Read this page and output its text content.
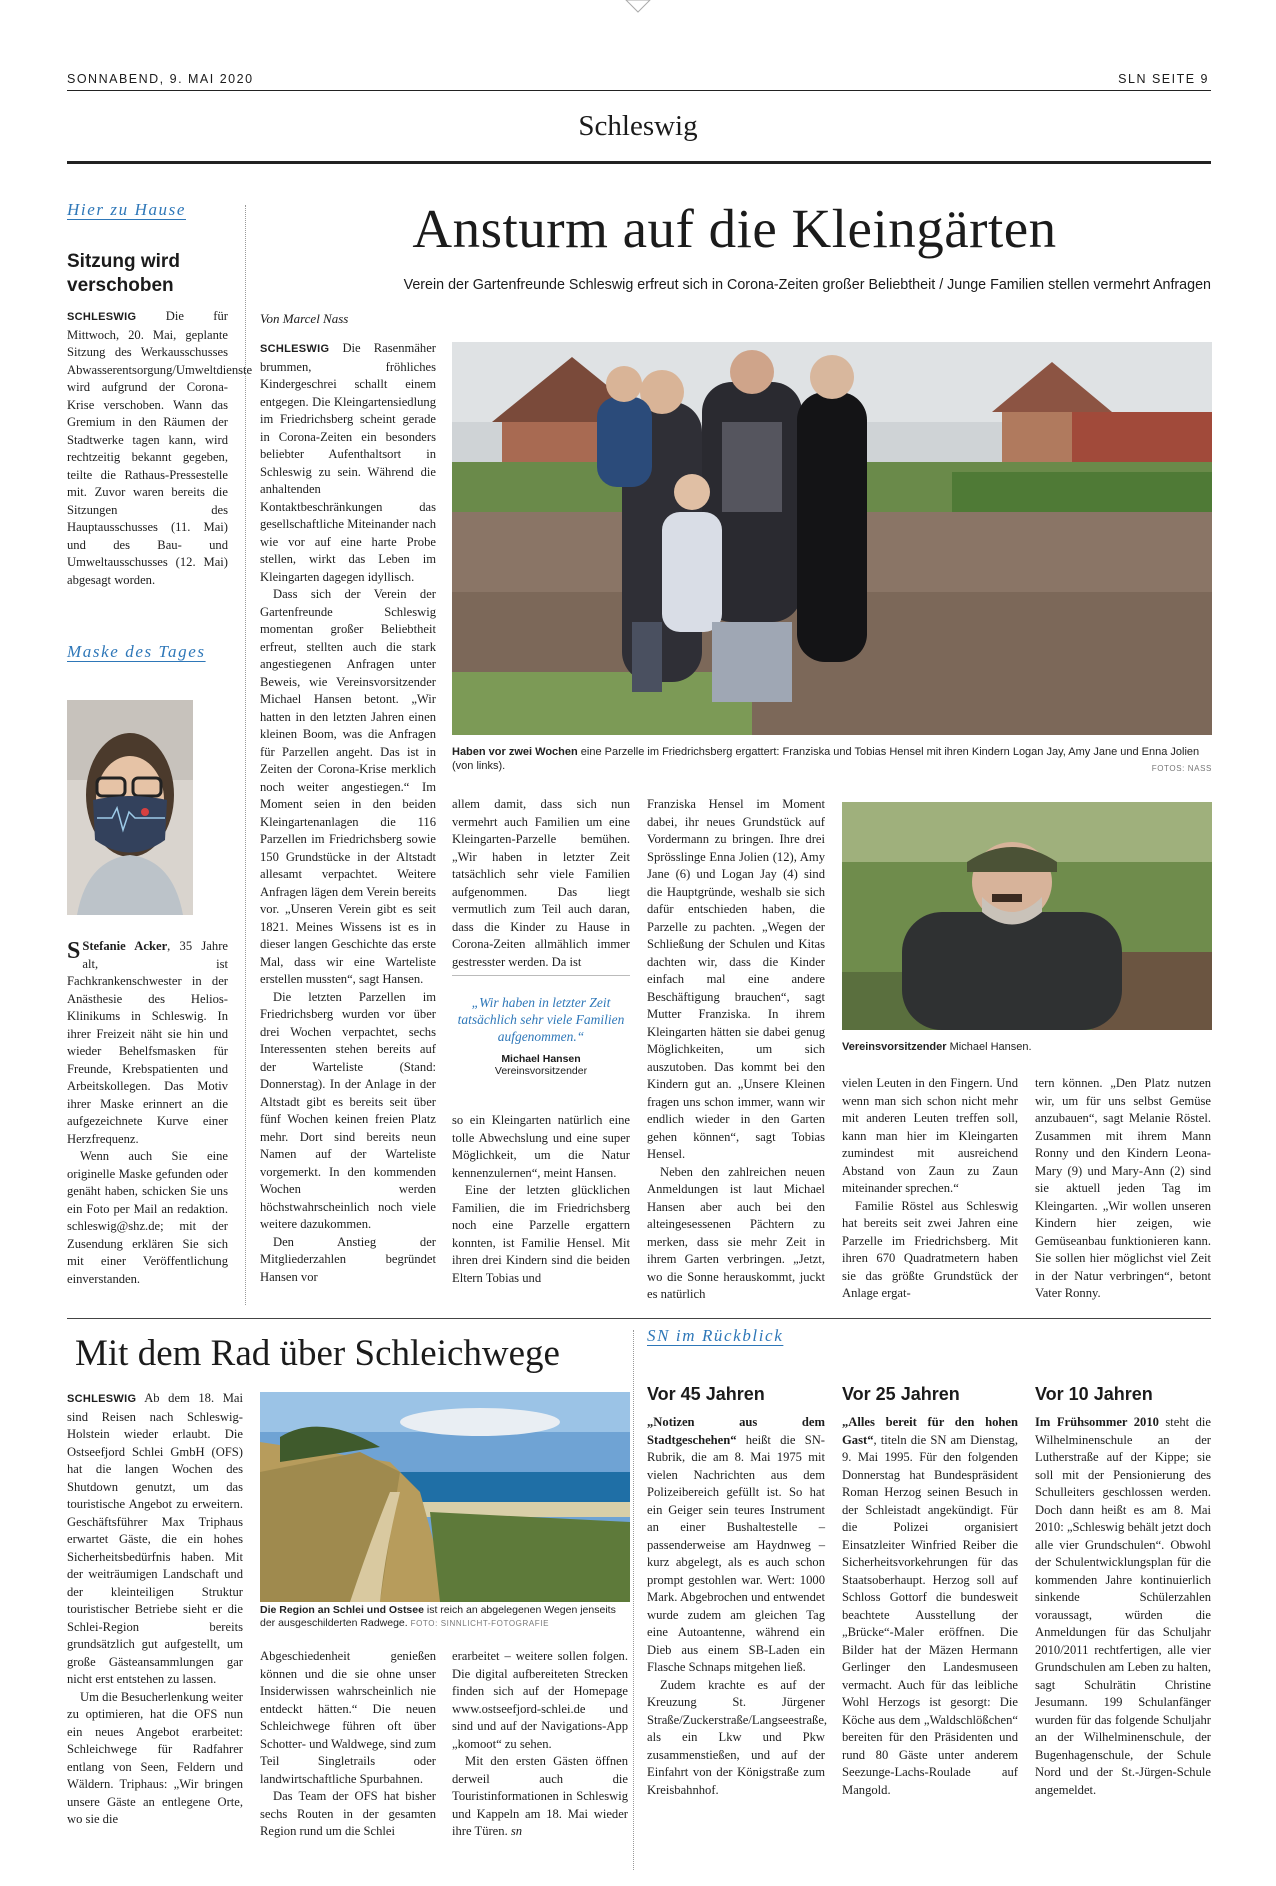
SONNABEND, 9. MAI 2020	SLN SEITE 9
Schleswig
Hier zu Hause
Sitzung wird verschoben

SCHLESWIG Die für Mittwoch, 20. Mai, geplante Sitzung des Werkausschusses Abwasserentsorgung/Umweltdienste wird aufgrund der Corona-Krise verschoben. Wann das Gremium in den Räumen der Stadtwerke tagen kann, wird rechtzeitig bekannt gegeben, teilte die Rathaus-Pressestelle mit. Zuvor waren bereits die Sitzungen des Hauptausschusses (11. Mai) und des Bau- und Umweltausschusses (12. Mai) abgesagt worden.

Maske des Tages

S Stefanie Acker, 35 Jahre alt, ist Fachkrankenschwester in der Anästhesie des Helios-Klinikums in Schleswig. In ihrer Freizeit näht sie hin und wieder Behelfsmasken für Freunde, Krebspatienten und Arbeitskollegen. Das Motiv ihrer Maske erinnert an die aufgezeichnete Kurve einer Herzfrequenz.

Wenn auch Sie eine originelle Maske gefunden oder genäht haben, schicken Sie uns ein Foto per Mail an redaktion. schleswig@shz.de; mit der Zusendung erklären Sie sich mit einer Veröffentlichung einverstanden.

Ansturm auf die Kleingärten
Verein der Gartenfreunde Schleswig erfreut sich in Corona-Zeiten großer Beliebtheit / Junge Familien stellen vermehrt Anfragen
Von Marcel Nass

SCHLESWIG Die Rasenmäher brummen, fröhliches Kindergeschrei schallt einem entgegen. Die Kleingartensiedlung im Friedrichsberg scheint gerade in Corona-Zeiten ein besonders beliebter Aufenthaltsort in Schleswig zu sein. Während die anhaltenden Kontaktbeschränkungen das gesellschaftliche Miteinander nach wie vor auf eine harte Probe stellen, wirkt das Leben im Kleingarten dagegen idyllisch.

Dass sich der Verein der Gartenfreunde Schleswig momentan großer Beliebtheit erfreut, stellten auch die stark angestiegenen Anfragen unter Beweis, wie Vereinsvorsitzender Michael Hansen betont. „Wir hatten in den letzten Jahren einen kleinen Boom, was die Anfragen für Parzellen angeht. Das ist in Zeiten der Corona-Krise merklich noch weiter angestiegen.“ Im Moment seien in den beiden Kleingartenanlagen die 116 Parzellen im Friedrichsberg sowie 150 Grundstücke in der Altstadt allesamt verpachtet. Weitere Anfragen lägen dem Verein bereits vor. „Unseren Verein gibt es seit 1821. Meines Wissens ist es in dieser langen Geschichte das erste Mal, dass wir eine Warteliste erstellen mussten“, sagt Hansen.

Die letzten Parzellen im Friedrichsberg wurden vor über drei Wochen verpachtet, sechs Interessenten stehen bereits auf der Warteliste (Stand: Donnerstag). In der Anlage in der Altstadt gibt es bereits seit über fünf Wochen keinen freien Platz mehr. Dort sind bereits neun Namen auf der Warteliste vorgemerkt. In den kommenden Wochen werden höchstwahrscheinlich noch viele weitere dazukommen.

Den Anstieg der Mitgliederzahlen begründet Hansen vor

Haben vor zwei Wochen eine Parzelle im Friedrichsberg ergattert: Franziska und Tobias Hensel mit ihren Kindern Logan Jay, Amy Jane und Enna Jolien (von links).	FOTOS: NASS

allem damit, dass sich nun vermehrt auch Familien um eine Kleingarten-Parzelle bemühen. „Wir haben in letzter Zeit tatsächlich sehr viele Familien aufgenommen. Das liegt vermutlich zum Teil auch daran, dass die Kinder zu Hause in Corona-Zeiten allmählich immer gestresster werden. Da ist

„Wir haben in letzter Zeit tatsächlich sehr viele Familien aufgenommen.“
Michael Hansen
Vereinsvorsitzender

so ein Kleingarten natürlich eine tolle Abwechslung und eine super Möglichkeit, um die Natur kennenzulernen“, meint Hansen.

Eine der letzten glücklichen Familien, die im Friedrichsberg noch eine Parzelle ergattern konnten, ist Familie Hensel. Mit ihren drei Kindern sind die beiden Eltern Tobias und

Franziska Hensel im Moment dabei, ihr neues Grundstück auf Vordermann zu bringen. Ihre drei Sprösslinge Enna Jolien (12), Amy Jane (6) und Logan Jay (4) sind die Hauptgründe, weshalb sie sich dafür entschieden haben, die Parzelle zu pachten. „Wegen der Schließung der Schulen und Kitas dachten wir, dass die Kinder einfach mal eine andere Beschäftigung brauchen“, sagt Mutter Franziska. In ihrem Kleingarten hätten sie dabei genug Möglichkeiten, um sich auszutoben. Das kommt bei den Kindern gut an. „Unsere Kleinen fragen uns schon immer, wann wir endlich wieder in den Garten gehen können“, sagt Tobias Hensel.

Neben den zahlreichen neuen Anmeldungen ist laut Michael Hansen aber auch bei den alteingesessenen Pächtern zu merken, dass sie mehr Zeit in ihrem Garten verbringen. „Jetzt, wo die Sonne herauskommt, juckt es natürlich

Vereinsvorsitzender Michael Hansen.

vielen Leuten in den Fingern. Und wenn man sich schon nicht mehr mit anderen Leuten treffen soll, kann man hier im Kleingarten zumindest mit ausreichend Abstand von Zaun zu Zaun miteinander sprechen.“

Familie Röstel aus Schleswig hat bereits seit zwei Jahren eine Parzelle im Friedrichsberg. Mit ihren 670 Quadratmetern haben sie das größte Grundstück der Anlage ergat-

tern können. „Den Platz nutzen wir, um für uns selbst Gemüse anzubauen“, sagt Melanie Röstel. Zusammen mit ihrem Mann Ronny und den Kindern Leona-Mary (9) und Mary-Ann (2) sind sie aktuell jeden Tag im Kleingarten. „Wir wollen unseren Kindern hier zeigen, wie Gemüseanbau funktionieren kann. Sie sollen hier möglichst viel Zeit in der Natur verbringen“, betont Vater Ronny.

Mit dem Rad über Schleichwege

SCHLESWIG Ab dem 18. Mai sind Reisen nach Schleswig-Holstein wieder erlaubt. Die Ostseefjord Schlei GmbH (OFS) hat die langen Wochen des Shutdown genutzt, um das touristische Angebot zu erweitern. Geschäftsführer Max Triphaus erwartet Gäste, die ein hohes Sicherheitsbedürfnis haben. Mit der weiträumigen Landschaft und der kleinteiligen Struktur touristischer Betriebe sieht er die Schlei-Region bereits grundsätzlich gut aufgestellt, um große Gästeansammlungen gar nicht erst entstehen zu lassen.

Um die Besucherlenkung weiter zu optimieren, hat die OFS nun ein neues Angebot erarbeitet: Schleichwege für Radfahrer entlang von Seen, Feldern und Wäldern. Triphaus: „Wir bringen unsere Gäste an entlegene Orte, wo sie die

Die Region an Schlei und Ostsee ist reich an abgelegenen Wegen jenseits der ausgeschilderten Radwege. FOTO: SINNLICHT-FOTOGRAFIE

Abgeschiedenheit genießen können und die sie ohne unser Insiderwissen wahrscheinlich nie entdeckt hätten.“ Die neuen Schleichwege führen oft über Schotter- und Waldwege, sind zum Teil Singletrails oder landwirtschaftliche Spurbahnen.

Das Team der OFS hat bisher sechs Routen in der gesamten Region rund um die Schlei

erarbeitet – weitere sollen folgen. Die digital aufbereiteten Strecken finden sich auf der Homepage www.ostseefjord-schlei.de und sind und auf der Navigations-App „komoot“ zu sehen.

Mit den ersten Gästen öffnen derweil auch die Touristinformationen in Schleswig und Kappeln am 18. Mai wieder ihre Türen. sn

SN im Rückblick
Vor 45 Jahren

„Notizen aus dem Stadtgeschehen“ heißt die SN-Rubrik, die am 8. Mai 1975 mit vielen Nachrichten aus dem Polizeibereich gefüllt ist. So hat ein Geiger sein teures Instrument an einer Bushaltestelle – passenderweise am Haydnweg – kurz abgelegt, als es auch schon prompt gestohlen war. Wert: 1000 Mark. Abgebrochen und entwendet wurde zudem am gleichen Tag eine Autoantenne, während ein Dieb aus einem SB-Laden ein Flasche Schnaps mitgehen ließ.

Zudem krachte es auf der Kreuzung St. Jürgener Straße/Zuckerstraße/Langseestraße, als ein Lkw und Pkw zusammenstießen, und auf der Einfahrt von der Königstraße zum Kreisbahnhof.

Vor 25 Jahren

„Alles bereit für den hohen Gast“, titeln die SN am Dienstag, 9. Mai 1995. Für den folgenden Donnerstag hat Bundespräsident Roman Herzog seinen Besuch in der Schleistadt angekündigt. Für die Polizei organisiert Einsatzleiter Winfried Reiber die Sicherheitsvorkehrungen für das Staatsoberhaupt. Herzog soll auf Schloss Gottorf die bundesweit beachtete Ausstellung der „Brücke“-Maler eröffnen. Die Bilder hat der Mäzen Hermann Gerlinger den Landesmuseen vermacht. Auch für das leibliche Wohl Herzogs ist gesorgt: Die Köche aus dem „Waldschlößchen“ bereiten für den Präsidenten und rund 80 Gäste unter anderem Seezunge-Lachs-Roulade auf Mangold.

Vor 10 Jahren

Im Frühsommer 2010 steht die Wilhelminenschule an der Lutherstraße auf der Kippe; sie soll mit der Pensionierung des Schulleiters geschlossen werden. Doch dann heißt es am 8. Mai 2010: „Schleswig behält jetzt doch alle vier Grundschulen“. Obwohl der Schulentwicklungsplan für die kommenden Jahre kontinuierlich sinkende Schülerzahlen voraussagt, würden die Anmeldungen für das Schuljahr 2010/2011 rechtfertigen, alle vier Grundschulen am Leben zu halten, sagt Schulrätin Christine Jesumann. 199 Schulanfänger wurden für das folgende Schuljahr an der Wilhelminenschule, der Bugenhagenschule, der Schule Nord und der St.-Jürgen-Schule angemeldet.
